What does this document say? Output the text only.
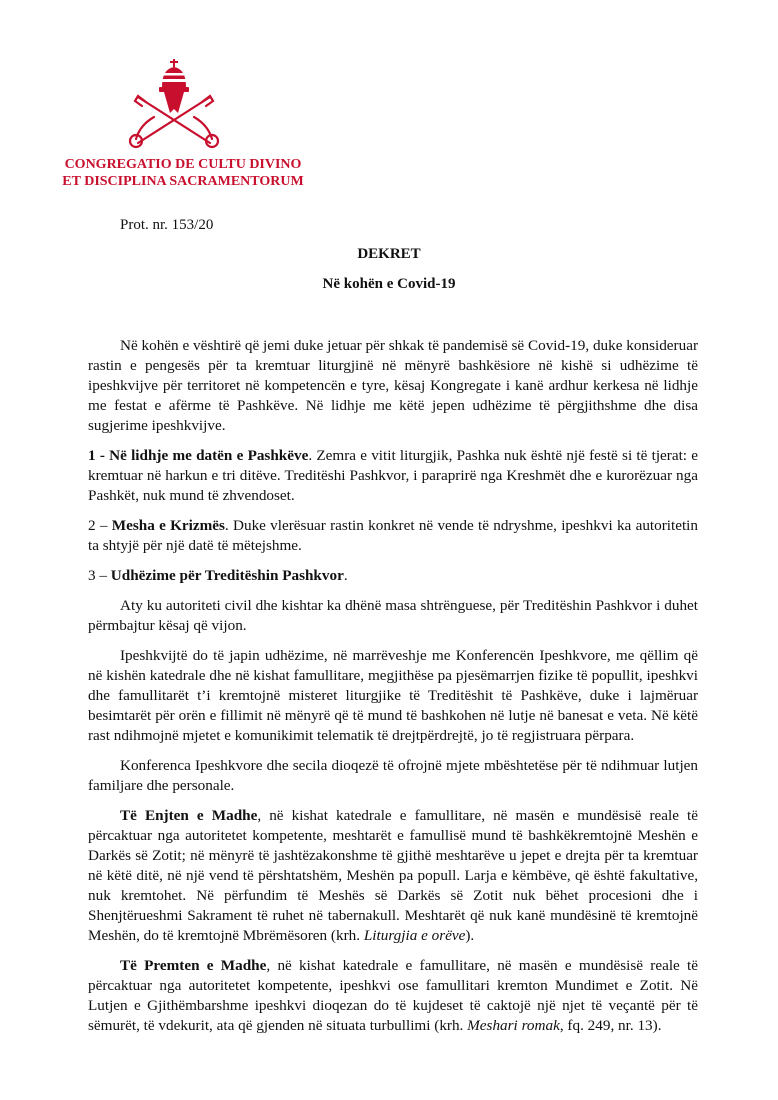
CONGREGATIO DE CULTU DIVINO
ET DISCIPLINA SACRAMENTORUM
Prot. nr. 153/20
DEKRET
Në kohën e Covid-19

Në kohën e vështirë që jemi duke jetuar për shkak të pandemisë së Covid-19, duke konsideruar rastin e pengesës për ta kremtuar liturgjinë në mënyrë bashkësiore në kishë si udhëzime të ipeshkvijve për territoret në kompetencën e tyre, kësaj Kongregate i kanë ardhur kerkesa në lidhje me festat e afërme të Pashkëve. Në lidhje me këtë jepen udhëzime të përgjithshme dhe disa sugjerime ipeshkvijve.

1 - Në lidhje me datën e Pashkëve. Zemra e vitit liturgjik, Pashka nuk është një festë si të tjerat: e kremtuar në harkun e tri ditëve. Treditëshi Pashkvor, i paraprirë nga Kreshmët dhe e kurorëzuar nga Pashkët, nuk mund të zhvendoset.

2 – Mesha e Krizmës. Duke vlerësuar rastin konkret në vende të ndryshme, ipeshkvi ka autoritetin ta shtyjë për një datë të mëtejshme.

3 – Udhëzime për Treditëshin Pashkvor.

Aty ku autoriteti civil dhe kishtar ka dhënë masa shtrënguese, për Treditëshin Pashkvor i duhet përmbajtur kësaj që vijon.

Ipeshkvijtë do të japin udhëzime, në marrëveshje me Konferencën Ipeshkvore, me qëllim që në kishën katedrale dhe në kishat famullitare, megjithëse pa pjesëmarrjen fizike të popullit, ipeshkvi dhe famullitarët t’i kremtojnë misteret liturgjike të Treditëshit të Pashkëve, duke i lajmëruar besimtarët për orën e fillimit në mënyrë që të mund të bashkohen në lutje në banesat e veta. Në këtë rast ndihmojnë mjetet e komunikimit telematik të drejtpërdrejtë, jo të regjistruara përpara.

Konferenca Ipeshkvore dhe secila dioqezë të ofrojnë mjete mbështetëse për të ndihmuar lutjen familjare dhe personale.

Të Enjten e Madhe, në kishat katedrale e famullitare, në masën e mundësisë reale të përcaktuar nga autoritetet kompetente, meshtarët e famullisë mund të bashkëkremtojnë Meshën e Darkës së Zotit; në mënyrë të jashtëzakonshme të gjithë meshtarëve u jepet e drejta për ta kremtuar në këtë ditë, në një vend të përshtatshëm, Meshën pa popull. Larja e këmbëve, që është fakultative, nuk kremtohet. Në përfundim të Meshës së Darkës së Zotit nuk bëhet procesioni dhe i Shenjtërueshmi Sakrament të ruhet në tabernakull. Meshtarët që nuk kanë mundësinë të kremtojnë Meshën, do të kremtojnë Mbrëmësoren (krh. Liturgjia e orëve).

Të Premten e Madhe, në kishat katedrale e famullitare, në masën e mundësisë reale të përcaktuar nga autoritetet kompetente, ipeshkvi ose famullitari kremton Mundimet e Zotit. Në Lutjen e Gjithëmbarshme ipeshkvi dioqezan do të kujdeset të caktojë një njet të veçantë për të sëmurët, të vdekurit, ata që gjenden në situata turbullimi (krh. Meshari romak, fq. 249, nr. 13).
